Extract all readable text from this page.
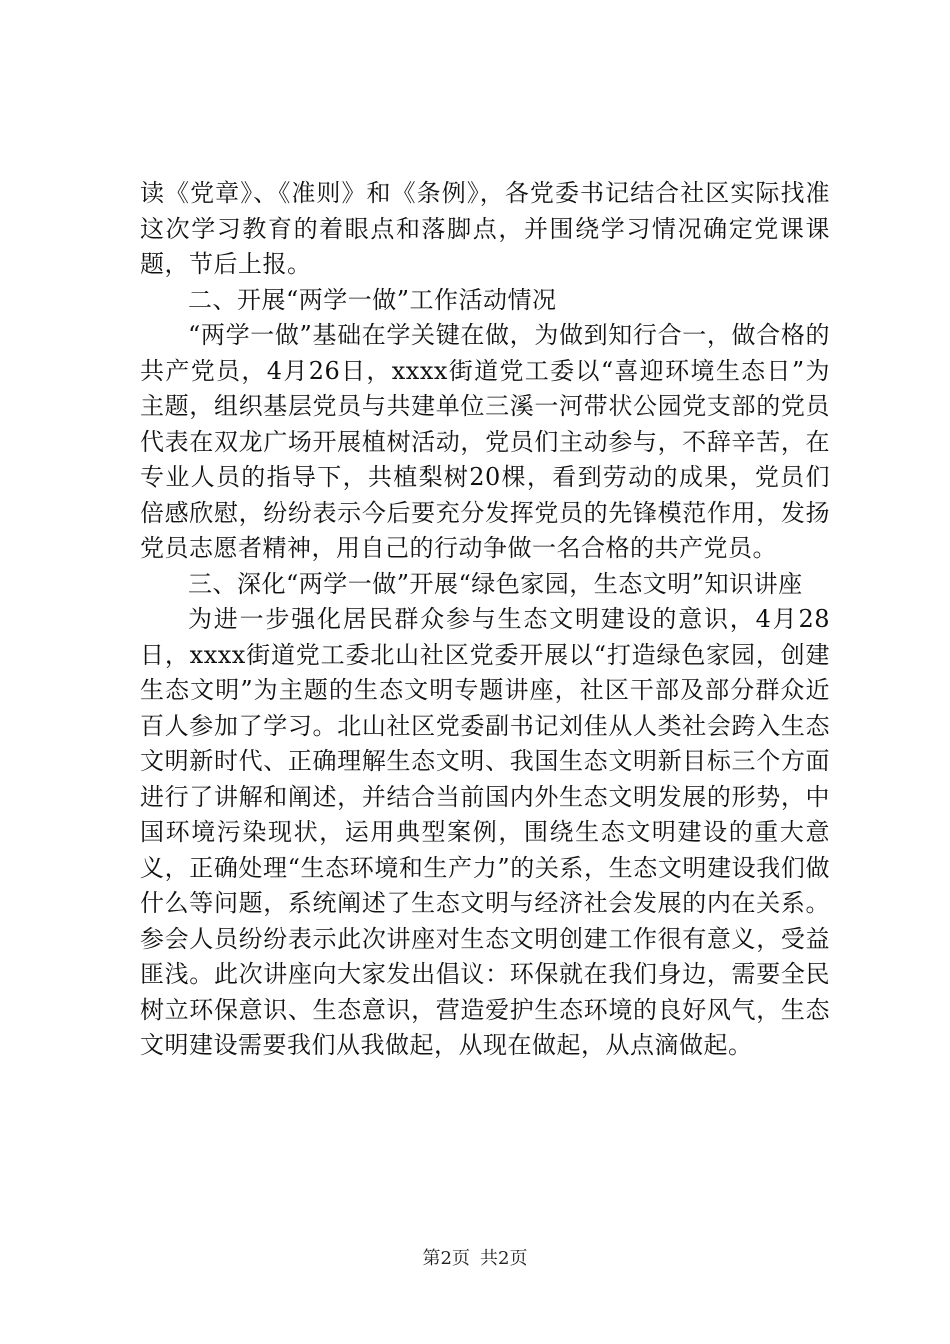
读《党章》、《准则》和《条例》，各党委书记结合社区实际找准这次学习教育的着眼点和落脚点，并围绕学习情况确定党课课题，节后上报。

二、开展“两学一做”工作活动情况

“两学一做”基础在学关键在做，为做到知行合一，做合格的共产党员，4月26日，xxxx街道党工委以“喜迎环境生态日”为主题，组织基层党员与共建单位三溪一河带状公园党支部的党员代表在双龙广场开展植树活动，党员们主动参与，不辞辛苦，在专业人员的指导下，共植梨树20棵，看到劳动的成果，党员们倍感欣慰，纷纷表示今后要充分发挥党员的先锋模范作用，发扬党员志愿者精神，用自己的行动争做一名合格的共产党员。

三、深化“两学一做”开展“绿色家园，生态文明”知识讲座

为进一步强化居民群众参与生态文明建设的意识，4月28日，xxxx街道党工委北山社区党委开展以“打造绿色家园，创建生态文明”为主题的生态文明专题讲座，社区干部及部分群众近百人参加了学习。北山社区党委副书记刘佳从人类社会跨入生态文明新时代、正确理解生态文明、我国生态文明新目标三个方面进行了讲解和阐述，并结合当前国内外生态文明发展的形势，中国环境污染现状，运用典型案例，围绕生态文明建设的重大意义，正确处理“生态环境和生产力”的关系，生态文明建设我们做什么等问题，系统阐述了生态文明与经济社会发展的内在关系。参会人员纷纷表示此次讲座对生态文明创建工作很有意义，受益匪浅。此次讲座向大家发出倡议：环保就在我们身边，需要全民树立环保意识、生态意识，营造爱护生态环境的良好风气，生态文明建设需要我们从我做起，从现在做起，从点滴做起。

第2页 共2页
